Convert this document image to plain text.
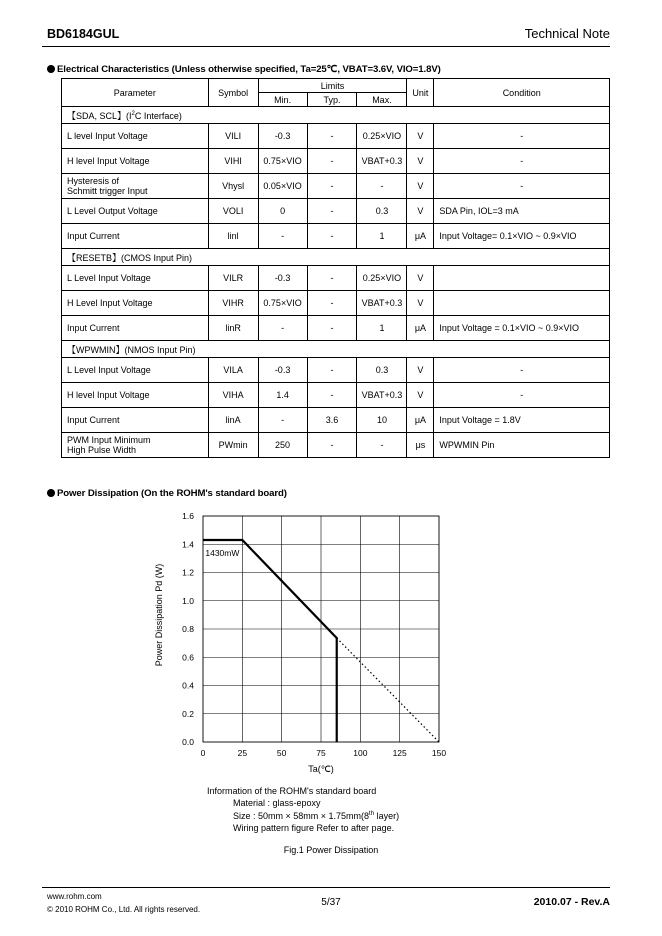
BD6184GUL	Technical Note
Electrical Characteristics (Unless otherwise specified, Ta=25℃, VBAT=3.6V, VIO=1.8V)
Parameter	Symbol	Limits			Unit	Condition
		Min.	Typ.	Max.		
【SDA, SCL】($I^2C$ Interface)						

L level Input Voltage	VILI	-0.3	-	0.25×VIO	V	-

H level Input Voltage	VIHI	0.75×VIO	-	VBAT+0.3	V	-

Hysteresis of
Schmitt trigger Input	Vhysl	0.05×VIO	-	-	V	-

L Level Output Voltage	VOLI	0	-	0.3	V	SDA Pin, IOL=3 mA

Input Current	linl	-	-	1	μA	Input Voltage= 0.1×VIO ~ 0.9×VIO
【RESETB】(CMOS Input Pin)						

L Level Input Voltage	VILR	-0.3	-	0.25×VIO	V	

H Level Input Voltage	VIHR	0.75×VIO	-	VBAT+0.3	V	

Input Current	linR	-	-	1	μA	Input Voltage = 0.1×VIO ~ 0.9×VIO
【WPWMIN】(NMOS Input Pin)						

L Level Input Voltage	VILA	-0.3	-	0.3	V	-

H level Input Voltage	VIHA	1.4	-	VBAT+0.3	V	-

Input Current	linA	-	3.6	10	μA	Input Voltage = 1.8V

PWM Input Minimum
High Pulse Width	PWmin	250	-	-	μs	WPWMIN Pin
Power Dissipation (On the ROHM's standard board)
0	25	50	75	100	125	150
0.0
0.2
0.4
0.6
0.8
1.0
1.2
1.4
1.6
Ta(℃)
Power Dissipation Pd (W)
1430mW
Information of the ROHM's standard board
Material : glass-epoxy
Size : 50mm × 58mm × 1.75mm(8th layer)
Wiring pattern figure Refer to after page.
Fig.1 Power Dissipation
www.rohm.com
© 2010 ROHM Co., Ltd. All rights reserved.
5/37	2010.07 - Rev.A
